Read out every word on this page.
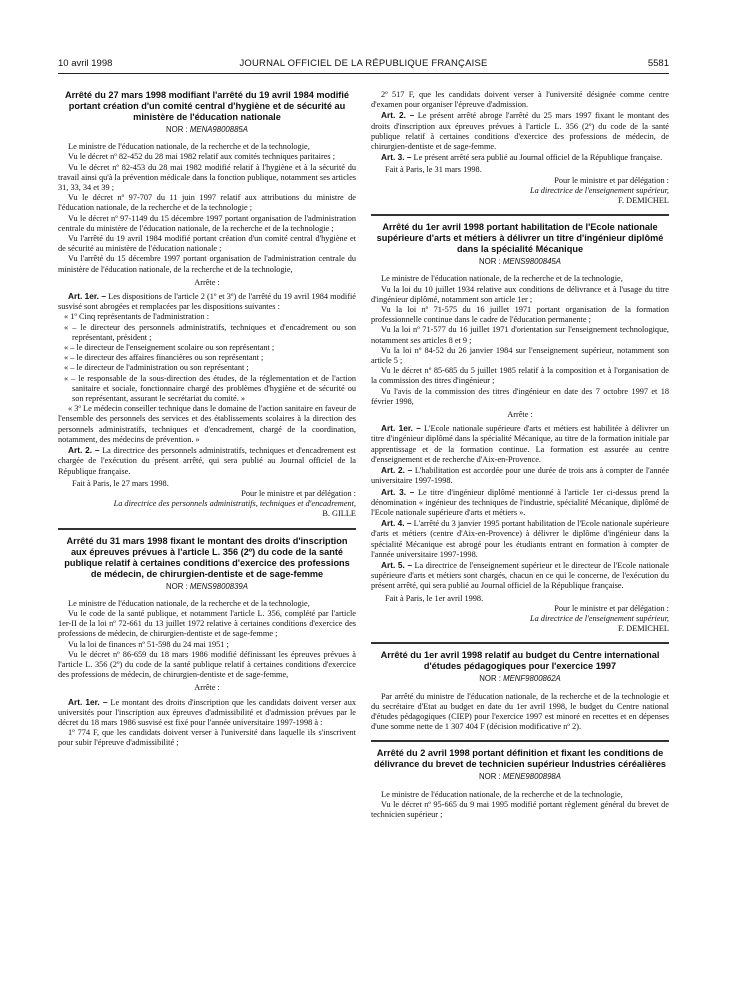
10 avril 1998	JOURNAL OFFICIEL DE LA RÉPUBLIQUE FRANÇAISE	5581
Arrêté du 27 mars 1998 modifiant l'arrêté du 19 avril 1984 modifié portant création d'un comité central d'hygiène et de sécurité au ministère de l'éducation nationale
NOR : MENA9800885A

Le ministre de l'éducation nationale, de la recherche et de la technologie,

Vu le décret nº 82-452 du 28 mai 1982 relatif aux comités techniques paritaires ;

Vu le décret nº 82-453 du 28 mai 1982 modifié relatif à l'hygiène et à la sécurité du travail ainsi qu'à la prévention médicale dans la fonction publique, notamment ses articles 31, 33, 34 et 39 ;

Vu le décret nº 97-707 du 11 juin 1997 relatif aux attributions du ministre de l'éducation nationale, de la recherche et de la technologie ;

Vu le décret nº 97-1149 du 15 décembre 1997 portant organisation de l'administration centrale du ministère de l'éducation nationale, de la recherche et de la technologie ;

Vu l'arrêté du 19 avril 1984 modifié portant création d'un comité central d'hygiène et de sécurité au ministère de l'éducation nationale ;

Vu l'arrêté du 15 décembre 1997 portant organisation de l'administration centrale du ministère de l'éducation nationale, de la recherche et de la technologie,

Arrête :

Art. 1er. – Les dispositions de l'article 2 (1º et 3º) de l'arrêté du 19 avril 1984 modifié susvisé sont abrogées et remplacées par les dispositions suivantes :

« 1º Cinq représentants de l'administration :

« – le directeur des personnels administratifs, techniques et d'encadrement ou son représentant, président ;

« – le directeur de l'enseignement scolaire ou son représentant ;

« – le directeur des affaires financières ou son représentant ;

« – le directeur de l'administration ou son représentant ;

« – le responsable de la sous-direction des études, de la réglementation et de l'action sanitaire et sociale, fonctionnaire chargé des problèmes d'hygiène et de sécurité ou son représentant, assurant le secrétariat du comité. »

« 3º Le médecin conseiller technique dans le domaine de l'action sanitaire en faveur de l'ensemble des personnels des services et des établissements scolaires à la direction des personnels administratifs, techniques et d'encadrement, chargé de la coordination, notamment, des médecins de prévention. »

Art. 2. – La directrice des personnels administratifs, techniques et d'encadrement est chargée de l'exécution du présent arrêté, qui sera publié au Journal officiel de la République française.

Fait à Paris, le 27 mars 1998.

Pour le ministre et par délégation :

La directrice des personnels administratifs, techniques et d'encadrement,

B. GILLE

Arrêté du 31 mars 1998 fixant le montant des droits d'inscription aux épreuves prévues à l'article L. 356 (2º) du code de la santé publique relatif à certaines conditions d'exercice des professions de médecin, de chirurgien-dentiste et de sage-femme
NOR : MENS9800839A

Le ministre de l'éducation nationale, de la recherche et de la technologie,

Vu le code de la santé publique, et notamment l'article L. 356, complété par l'article 1er-II de la loi nº 72-661 du 13 juillet 1972 relative à certaines conditions d'exercice des professions de médecin, de chirurgien-dentiste et de sage-femme ;

Vu la loi de finances nº 51-598 du 24 mai 1951 ;

Vu le décret nº 86-659 du 18 mars 1986 modifié définissant les épreuves prévues à l'article L. 356 (2º) du code de la santé publique relatif à certaines conditions d'exercice des professions de médecin, de chirurgien-dentiste et de sage-femme,

Arrête :

Art. 1er. – Le montant des droits d'inscription que les candidats doivent verser aux universités pour l'inscription aux épreuves d'admissibilité et d'admission prévues par le décret du 18 mars 1986 susvisé est fixé pour l'année universitaire 1997-1998 à :

1º 774 F, que les candidats doivent verser à l'université dans laquelle ils s'inscrivent pour subir l'épreuve d'admissibilité ;

2º 517 F, que les candidats doivent verser à l'université désignée comme centre d'examen pour organiser l'épreuve d'admission.

Art. 2. – Le présent arrêté abroge l'arrêté du 25 mars 1997 fixant le montant des droits d'inscription aux épreuves prévues à l'article L. 356 (2º) du code de la santé publique relatif à certaines conditions d'exercice des professions de médecin, de chirurgien-dentiste et de sage-femme.

Art. 3. – Le présent arrêté sera publié au Journal officiel de la République française.

Fait à Paris, le 31 mars 1998.

Pour le ministre et par délégation :

La directrice de l'enseignement supérieur,

F. DEMICHEL

Arrêté du 1er avril 1998 portant habilitation de l'Ecole nationale supérieure d'arts et métiers à délivrer un titre d'ingénieur diplômé dans la spécialité Mécanique
NOR : MENS9800845A

Le ministre de l'éducation nationale, de la recherche et de la technologie,

Vu la loi du 10 juillet 1934 relative aux conditions de délivrance et à l'usage du titre d'ingénieur diplômé, notamment son article 1er ;

Vu la loi nº 71-575 du 16 juillet 1971 portant organisation de la formation professionnelle continue dans le cadre de l'éducation permanente ;

Vu la loi nº 71-577 du 16 juillet 1971 d'orientation sur l'enseignement technologique, notamment ses articles 8 et 9 ;

Vu la loi nº 84-52 du 26 janvier 1984 sur l'enseignement supérieur, notamment son article 5 ;

Vu le décret nº 85-685 du 5 juillet 1985 relatif à la composition et à l'organisation de la commission des titres d'ingénieur ;

Vu l'avis de la commission des titres d'ingénieur en date des 7 octobre 1997 et 18 février 1998,

Arrête :

Art. 1er. – L'Ecole nationale supérieure d'arts et métiers est habilitée à délivrer un titre d'ingénieur diplômé dans la spécialité Mécanique, au titre de la formation initiale par apprentissage et de la formation continue. La formation est assurée au centre d'enseignement et de recherche d'Aix-en-Provence.

Art. 2. – L'habilitation est accordée pour une durée de trois ans à compter de l'année universitaire 1997-1998.

Art. 3. – Le titre d'ingénieur diplômé mentionné à l'article 1er ci-dessus prend la dénomination « ingénieur des techniques de l'industrie, spécialité Mécanique, diplômé de l'Ecole nationale supérieure d'arts et métiers ».

Art. 4. – L'arrêté du 3 janvier 1995 portant habilitation de l'Ecole nationale supérieure d'arts et métiers (centre d'Aix-en-Provence) à délivrer le diplôme d'ingénieur dans la spécialité Mécanique est abrogé pour les étudiants entrant en formation à compter de l'année universitaire 1997-1998.

Art. 5. – La directrice de l'enseignement supérieur et le directeur de l'Ecole nationale supérieure d'arts et métiers sont chargés, chacun en ce qui le concerne, de l'exécution du présent arrêté, qui sera publié au Journal officiel de la République française.

Fait à Paris, le 1er avril 1998.

Pour le ministre et par délégation :

La directrice de l'enseignement supérieur,

F. DEMICHEL

Arrêté du 1er avril 1998 relatif au budget du Centre international d'études pédagogiques pour l'exercice 1997
NOR : MENF9800862A

Par arrêté du ministre de l'éducation nationale, de la recherche et de la technologie et du secrétaire d'Etat au budget en date du 1er avril 1998, le budget du Centre national d'études pédagogiques (CIEP) pour l'exercice 1997 est minoré en recettes et en dépenses d'une somme nette de 1 307 404 F (décision modificative nº 2).

Arrêté du 2 avril 1998 portant définition et fixant les conditions de délivrance du brevet de technicien supérieur Industries céréalières
NOR : MENE9800898A

Le ministre de l'éducation nationale, de la recherche et de la technologie,

Vu le décret nº 95-665 du 9 mai 1995 modifié portant règlement général du brevet de technicien supérieur ;
